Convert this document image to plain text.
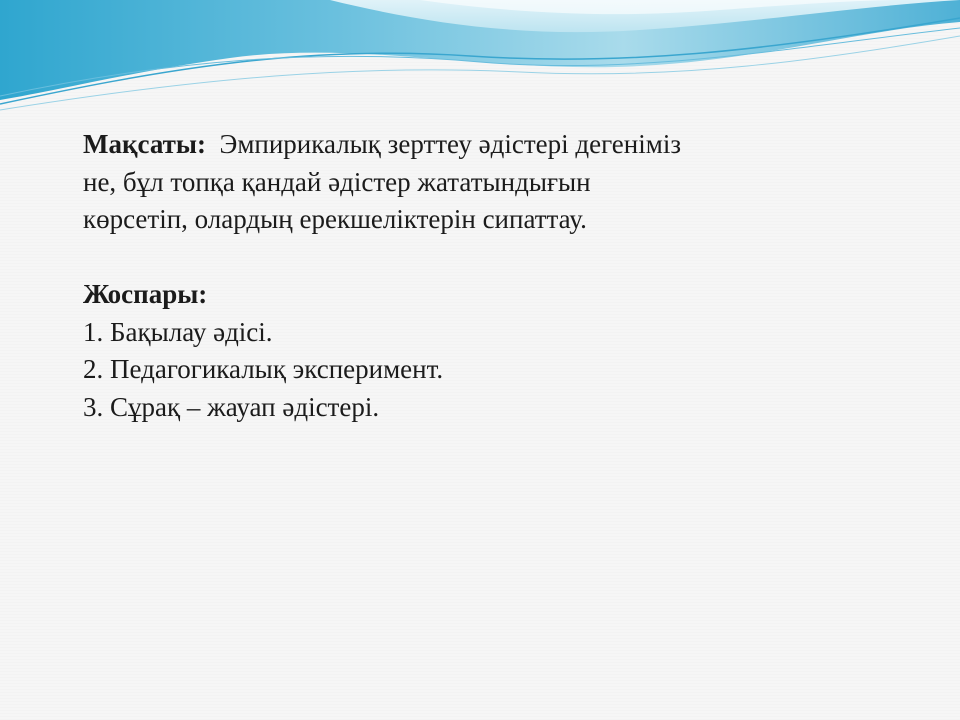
Мақсаты: Эмпирикалық зерттеу әдістері дегеніміз
не, бұл топқа қандай әдістер жататындығын
көрсетіп, олардың ерекшеліктерін сипаттау.
Жоспары:
1. Бақылау әдісі.
2. Педагогикалық эксперимент.
3. Сұрақ – жауап әдістері.
